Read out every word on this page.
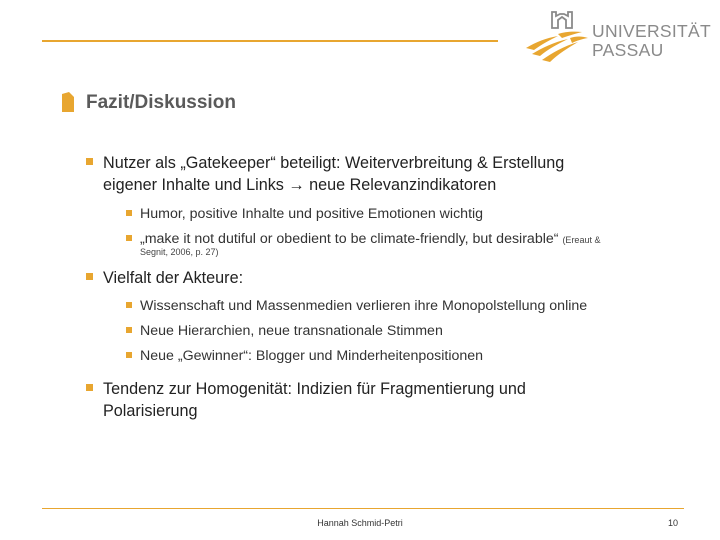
UNIVERSITÄT
PASSAU
Fazit/Diskussion
Nutzer als „Gatekeeper“ beteiligt: Weiterverbreitung & Erstellung
eigener Inhalte und Links → neue Relevanzindikatoren
Humor, positive Inhalte und positive Emotionen wichtig
„make it not dutiful or obedient to be climate-friendly, but desirable“ (Ereaut &
Segnit, 2006, p. 27)
Vielfalt der Akteure:
Wissenschaft und Massenmedien verlieren ihre Monopolstellung online
Neue Hierarchien, neue transnationale Stimmen
Neue „Gewinner“: Blogger und Minderheitenpositionen
Tendenz zur Homogenität: Indizien für Fragmentierung und
Polarisierung
Hannah Schmid-Petri	10
